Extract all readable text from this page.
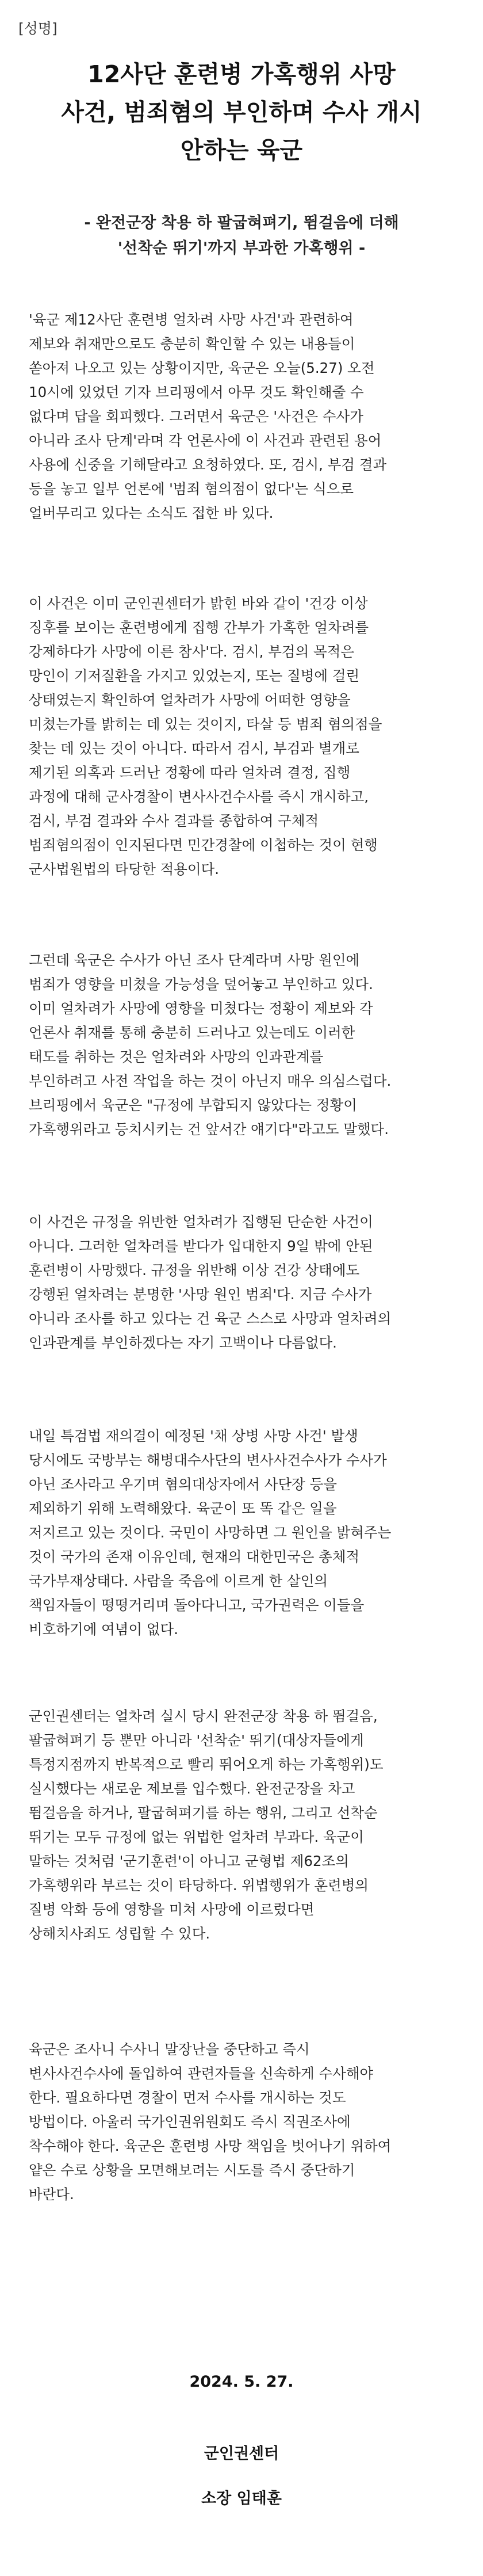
[성명]
12사단 훈련병 가혹행위 사망
사건, 범죄혐의 부인하며 수사 개시
안하는 육군
- 완전군장 착용 하 팔굽혀펴기, 뜀걸음에 더해
'선착순 뛰기'까지 부과한 가혹행위 -
'육군 제12사단 훈련병 얼차려 사망 사건'과 관련하여
제보와 취재만으로도 충분히 확인할 수 있는 내용들이
쏟아져 나오고 있는 상황이지만, 육군은 오늘(5.27) 오전
10시에 있었던 기자 브리핑에서 아무 것도 확인해줄 수
없다며 답을 회피했다. 그러면서 육군은 '사건은 수사가
아니라 조사 단계'라며 각 언론사에 이 사건과 관련된 용어
사용에 신중을 기해달라고 요청하였다. 또, 검시, 부검 결과
등을 놓고 일부 언론에 '범죄 혐의점이 없다'는 식으로
얼버무리고 있다는 소식도 접한 바 있다.
이 사건은 이미 군인권센터가 밝힌 바와 같이 '건강 이상
징후를 보이는 훈련병에게 집행 간부가 가혹한 얼차려를
강제하다가 사망에 이른 참사'다. 검시, 부검의 목적은
망인이 기저질환을 가지고 있었는지, 또는 질병에 걸린
상태였는지 확인하여 얼차려가 사망에 어떠한 영향을
미쳤는가를 밝히는 데 있는 것이지, 타살 등 범죄 혐의점을
찾는 데 있는 것이 아니다. 따라서 검시, 부검과 별개로
제기된 의혹과 드러난 정황에 따라 얼차려 결정, 집행
과정에 대해 군사경찰이 변사사건수사를 즉시 개시하고,
검시, 부검 결과와 수사 결과를 종합하여 구체적
범죄혐의점이 인지된다면 민간경찰에 이첩하는 것이 현행
군사법원법의 타당한 적용이다.
그런데 육군은 수사가 아닌 조사 단계라며 사망 원인에
범죄가 영향을 미쳤을 가능성을 덮어놓고 부인하고 있다.
이미 얼차려가 사망에 영향을 미쳤다는 정황이 제보와 각
언론사 취재를 통해 충분히 드러나고 있는데도 이러한
태도를 취하는 것은 얼차려와 사망의 인과관계를
부인하려고 사전 작업을 하는 것이 아닌지 매우 의심스럽다.
브리핑에서 육군은 "규정에 부합되지 않았다는 정황이
가혹행위라고 등치시키는 건 앞서간 얘기다"라고도 말했다.
이 사건은 규정을 위반한 얼차려가 집행된 단순한 사건이
아니다. 그러한 얼차려를 받다가 입대한지 9일 밖에 안된
훈련병이 사망했다. 규정을 위반해 이상 건강 상태에도
강행된 얼차려는 분명한 '사망 원인 범죄'다. 지금 수사가
아니라 조사를 하고 있다는 건 육군 스스로 사망과 얼차려의
인과관계를 부인하겠다는 자기 고백이나 다름없다.
내일 특검법 재의결이 예정된 '채 상병 사망 사건' 발생
당시에도 국방부는 해병대수사단의 변사사건수사가 수사가
아닌 조사라고 우기며 혐의대상자에서 사단장 등을
제외하기 위해 노력해왔다. 육군이 또 똑 같은 일을
저지르고 있는 것이다. 국민이 사망하면 그 원인을 밝혀주는
것이 국가의 존재 이유인데, 현재의 대한민국은 총체적
국가부재상태다. 사람을 죽음에 이르게 한 살인의
책임자들이 떵떵거리며 돌아다니고, 국가권력은 이들을
비호하기에 여념이 없다.
군인권센터는 얼차려 실시 당시 완전군장 착용 하 뜀걸음,
팔굽혀펴기 등 뿐만 아니라 '선착순' 뛰기(대상자들에게
특정지점까지 반복적으로 빨리 뛰어오게 하는 가혹행위)도
실시했다는 새로운 제보를 입수했다. 완전군장을 차고
뜀걸음을 하거나, 팔굽혀펴기를 하는 행위, 그리고 선착순
뛰기는 모두 규정에 없는 위법한 얼차려 부과다. 육군이
말하는 것처럼 '군기훈련'이 아니고 군형법 제62조의
가혹행위라 부르는 것이 타당하다. 위법행위가 훈련병의
질병 악화 등에 영향을 미쳐 사망에 이르렀다면
상해치사죄도 성립할 수 있다.
육군은 조사니 수사니 말장난을 중단하고 즉시
변사사건수사에 돌입하여 관련자들을 신속하게 수사해야
한다. 필요하다면 경찰이 먼저 수사를 개시하는 것도
방법이다. 아울러 국가인권위원회도 즉시 직권조사에
착수해야 한다. 육군은 훈련병 사망 책임을 벗어나기 위하여
얕은 수로 상황을 모면해보려는 시도를 즉시 중단하기
바란다.
2024. 5. 27.
군인권센터
소장 임태훈
